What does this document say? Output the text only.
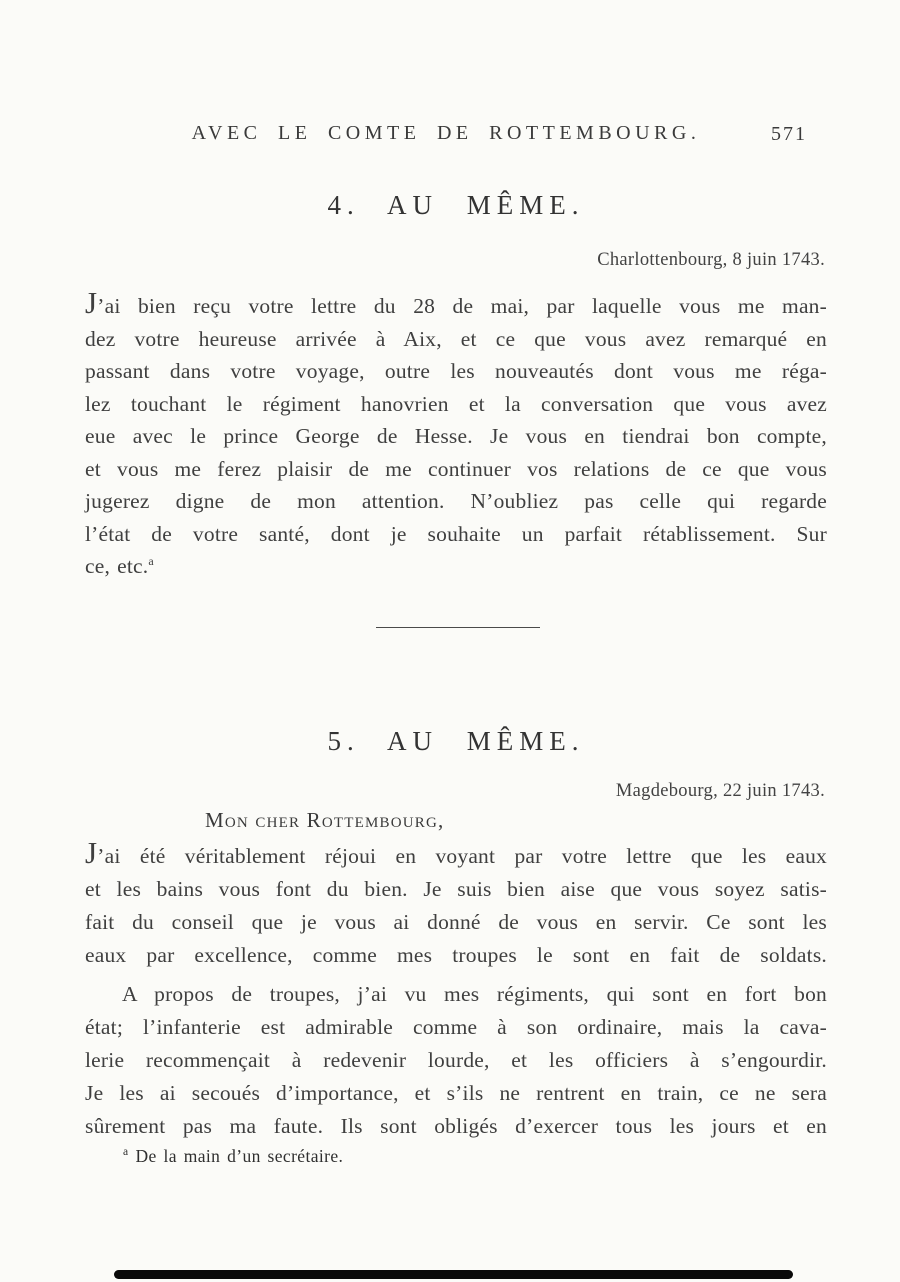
AVEC LE COMTE DE ROTTEMBOURG.	571
4. AU MÊME.
Charlottenbourg, 8 juin 1743.
J’ai bien reçu votre lettre du 28 de mai, par laquelle vous me man-
dez votre heureuse arrivée à Aix, et ce que vous avez remarqué en
passant dans votre voyage, outre les nouveautés dont vous me réga-
lez touchant le régiment hanovrien et la conversation que vous avez
eue avec le prince George de Hesse. Je vous en tiendrai bon compte,
et vous me ferez plaisir de me continuer vos relations de ce que vous
jugerez digne de mon attention. N’oubliez pas celle qui regarde
l’état de votre santé, dont je souhaite un parfait rétablissement. Sur
ce, etc.$^a$
5. AU MÊME.
Magdebourg, 22 juin 1743.
Mon cher Rottembourg,
J’ai été véritablement réjoui en voyant par votre lettre que les eaux
et les bains vous font du bien. Je suis bien aise que vous soyez satis-
fait du conseil que je vous ai donné de vous en servir. Ce sont les
eaux par excellence, comme mes troupes le sont en fait de soldats.
A propos de troupes, j’ai vu mes régiments, qui sont en fort bon
état; l’infanterie est admirable comme à son ordinaire, mais la cava-
lerie recommençait à redevenir lourde, et les officiers à s’engourdir.
Je les ai secoués d’importance, et s’ils ne rentrent en train, ce ne sera
sûrement pas ma faute. Ils sont obligés d’exercer tous les jours et en
$^a$ De la main d’un secrétaire.
